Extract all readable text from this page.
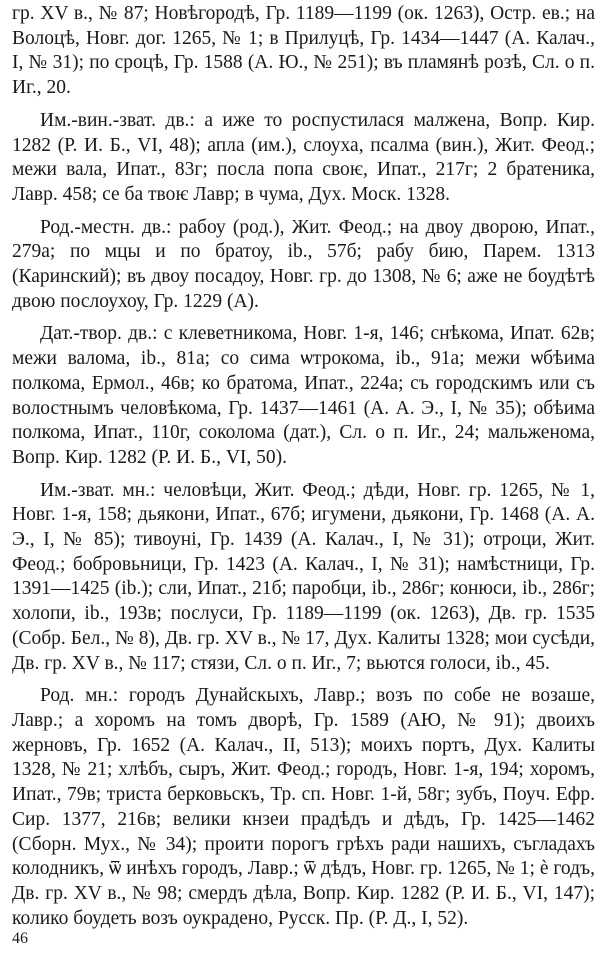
гр. XV в., № 87; Новѣгородѣ, Гр. 1189—1199 (ок. 1263), Остр. ев.; на Волоцѣ, Новг. дог. 1265, № 1; в Прилуцѣ, Гр. 1434—1447 (А. Калач., I, № 31); по сроцѣ, Гр. 1588 (А. Ю., № 251); въ пламянѣ розѣ, Сл. о п. Иг., 20.

Им.-вин.-зват. дв.: а иже то роспустилася малжена, Вопр. Кир. 1282 (Р. И. Б., VI, 48); апла (им.), слоуха, псалма (вин.), Жит. Феод.; межи вала, Ипат., 83г; посла попа своѥ, Ипат., 217г; 2 братеника, Лавр. 458; се ба твоѥ Лавр; в чума, Дух. Моск. 1328.

Род.-местн. дв.: рабоу (род.), Жит. Феод.; на двоу дворою, Ипат., 279а; по мцы и по братоу, ib., 57б; рабу бию, Парем. 1313 (Каринский); въ двоу посадоу, Новг. гр. до 1308, № 6; аже не боудѣтѣ двою послоухоу, Гр. 1229 (А).

Дат.-твор. дв.: с клеветникома, Новг. 1-я, 146; снѣкома, Ипат. 62в; межи валома, ib., 81а; со сима ѡтрокома, ib., 91а; межи ѡбѣима полкома, Ермол., 46в; ко братома, Ипат., 224а; съ городскимъ или съ волостнымъ человѣкома, Гр. 1437—1461 (А. А. Э., I, № 35); обѣима полкома, Ипат., 110г, соколома (дат.), Сл. о п. Иг., 24; мальженома, Вопр. Кир. 1282 (Р. И. Б., VI, 50).

Им.-зват. мн.: человѣци, Жит. Феод.; дѣди, Новг. гр. 1265, № 1, Новг. 1-я, 158; дьякони, Ипат., 67б; игумени, дьякони, Гр. 1468 (А. А. Э., I, № 85); тивоуні, Гр. 1439 (А. Калач., I, № 31); отроци, Жит. Феод.; бобровьници, Гр. 1423 (А. Калач., I, № 31); намѣстници, Гр. 1391—1425 (ib.); сли, Ипат., 21б; паробци, ib., 286г; конюси, ib., 286г; холопи, ib., 193в; послуси, Гр. 1189—1199 (ок. 1263), Дв. гр. 1535 (Собр. Бел., № 8), Дв. гр. XV в., № 17, Дух. Калиты 1328; мои сусѣди, Дв. гр. XV в., № 117; стязи, Сл. о п. Иг., 7; вьются голоси, ib., 45.

Род. мн.: городъ Дунайскыхъ, Лавр.; возъ по собе не возаше, Лавр.; а хоромъ на томъ дворѣ, Гр. 1589 (АЮ, № 91); двоихъ жерновъ, Гр. 1652 (А. Калач., II, 513); моихъ портъ, Дух. Калиты 1328, № 21; хлѣбъ, сыръ, Жит. Феод.; городъ, Новг. 1-я, 194; хоромъ, Ипат., 79в; триста берковьскъ, Тр. сп. Новг. 1-й, 58г; зубъ, Поуч. Ефр. Сир. 1377, 216в; велики кнзеи прадѣдъ и дѣдъ, Гр. 1425—1462 (Сборн. Мух., № 34); проити порогъ грѣхъ ради нашихъ, съгладахъ колодникъ, ѿ инѣхъ городъ, Лавр.; ѿ дѣдъ, Новг. гр. 1265, № 1; ѐ годъ, Дв. гр. XV в., № 98; смердъ дѣла, Вопр. Кир. 1282 (Р. И. Б., VI, 147); колико боудеть возъ оукрадено, Русск. Пр. (Р. Д., I, 52).

46
